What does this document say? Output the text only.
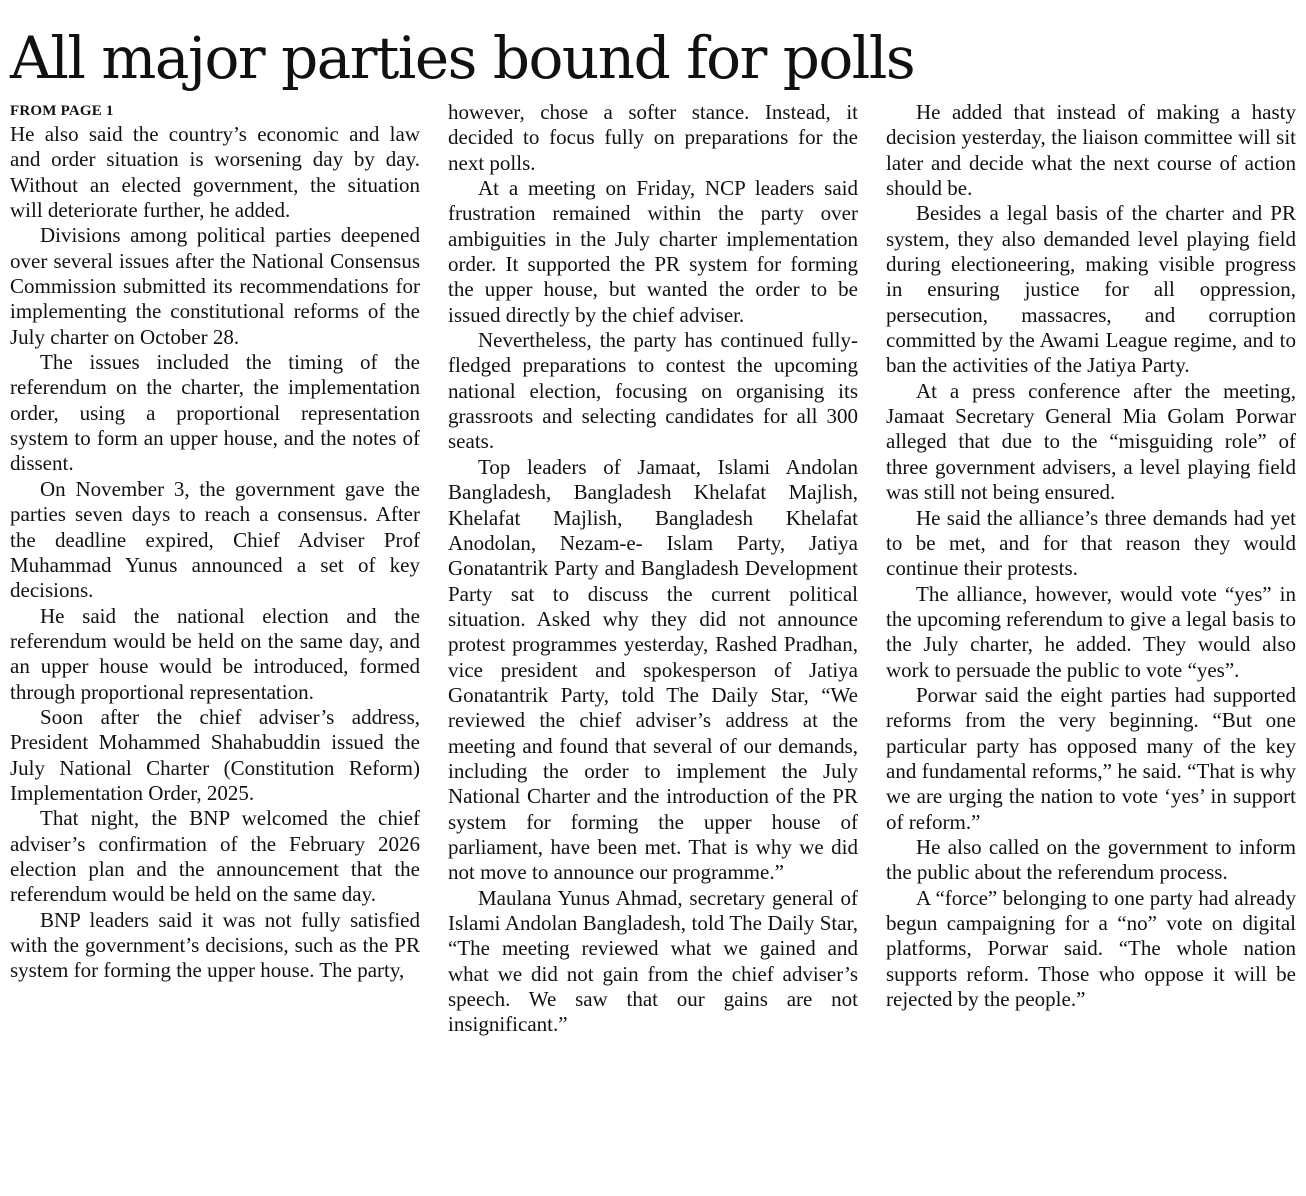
All major parties bound for polls
FROM PAGE 1

He also said the country’s economic and law and order situation is worsening day by day. Without an elected government, the situation will deteriorate further, he added.

Divisions among political parties deepened over several issues after the National Consensus Commission submitted its recommendations for implementing the constitutional reforms of the July charter on October 28.

The issues included the timing of the referendum on the charter, the implementation order, using a proportional representation system to form an upper house, and the notes of dissent.

On November 3, the government gave the parties seven days to reach a consensus. After the deadline expired, Chief Adviser Prof Muhammad Yunus announced a set of key decisions.

He said the national election and the referendum would be held on the same day, and an upper house would be introduced, formed through proportional representation.

Soon after the chief adviser’s address, President Mohammed Shahabuddin issued the July National Charter (Constitution Reform) Implementation Order, 2025.

That night, the BNP welcomed the chief adviser’s confirmation of the February 2026 election plan and the announcement that the referendum would be held on the same day.

BNP leaders said it was not fully satisfied with the government’s decisions, such as the PR system for forming the upper house. The party,

however, chose a softer stance. Instead, it decided to focus fully on preparations for the next polls.

At a meeting on Friday, NCP leaders said frustration remained within the party over ambiguities in the July charter implementation order. It supported the PR system for forming the upper house, but wanted the order to be issued directly by the chief adviser.

Nevertheless, the party has continued fully-fledged preparations to contest the upcoming national election, focusing on organising its grassroots and selecting candidates for all 300 seats.

Top leaders of Jamaat, Islami Andolan Bangladesh, Bangladesh Khelafat Majlish, Khelafat Majlish, Bangladesh Khelafat Anodolan, Nezam-e- Islam Party, Jatiya Gonatantrik Party and Bangladesh Development Party sat to discuss the current political situation. Asked why they did not announce protest programmes yesterday, Rashed Pradhan, vice president and spokesperson of Jatiya Gonatantrik Party, told The Daily Star, “We reviewed the chief adviser’s address at the meeting and found that several of our demands, including the order to implement the July National Charter and the introduction of the PR system for forming the upper house of parliament, have been met. That is why we did not move to announce our programme.”

Maulana Yunus Ahmad, secretary general of Islami Andolan Bangladesh, told The Daily Star, “The meeting reviewed what we gained and what we did not gain from the chief adviser’s speech. We saw that our gains are not insignificant.”

He added that instead of making a hasty decision yesterday, the liaison committee will sit later and decide what the next course of action should be.

Besides a legal basis of the charter and PR system, they also demanded level playing field during electioneering, making visible progress in ensuring justice for all oppression, persecution, massacres, and corruption committed by the Awami League regime, and to ban the activities of the Jatiya Party.

At a press conference after the meeting, Jamaat Secretary General Mia Golam Porwar alleged that due to the “misguiding role” of three government advisers, a level playing field was still not being ensured.

He said the alliance’s three demands had yet to be met, and for that reason they would continue their protests.

The alliance, however, would vote “yes” in the upcoming referendum to give a legal basis to the July charter, he added. They would also work to persuade the public to vote “yes”.

Porwar said the eight parties had supported reforms from the very beginning. “But one particular party has opposed many of the key and fundamental reforms,” he said. “That is why we are urging the nation to vote ‘yes’ in support of reform.”

He also called on the government to inform the public about the referendum process.

A “force” belonging to one party had already begun campaigning for a “no” vote on digital platforms, Porwar said. “The whole nation supports reform. Those who oppose it will be rejected by the people.”
